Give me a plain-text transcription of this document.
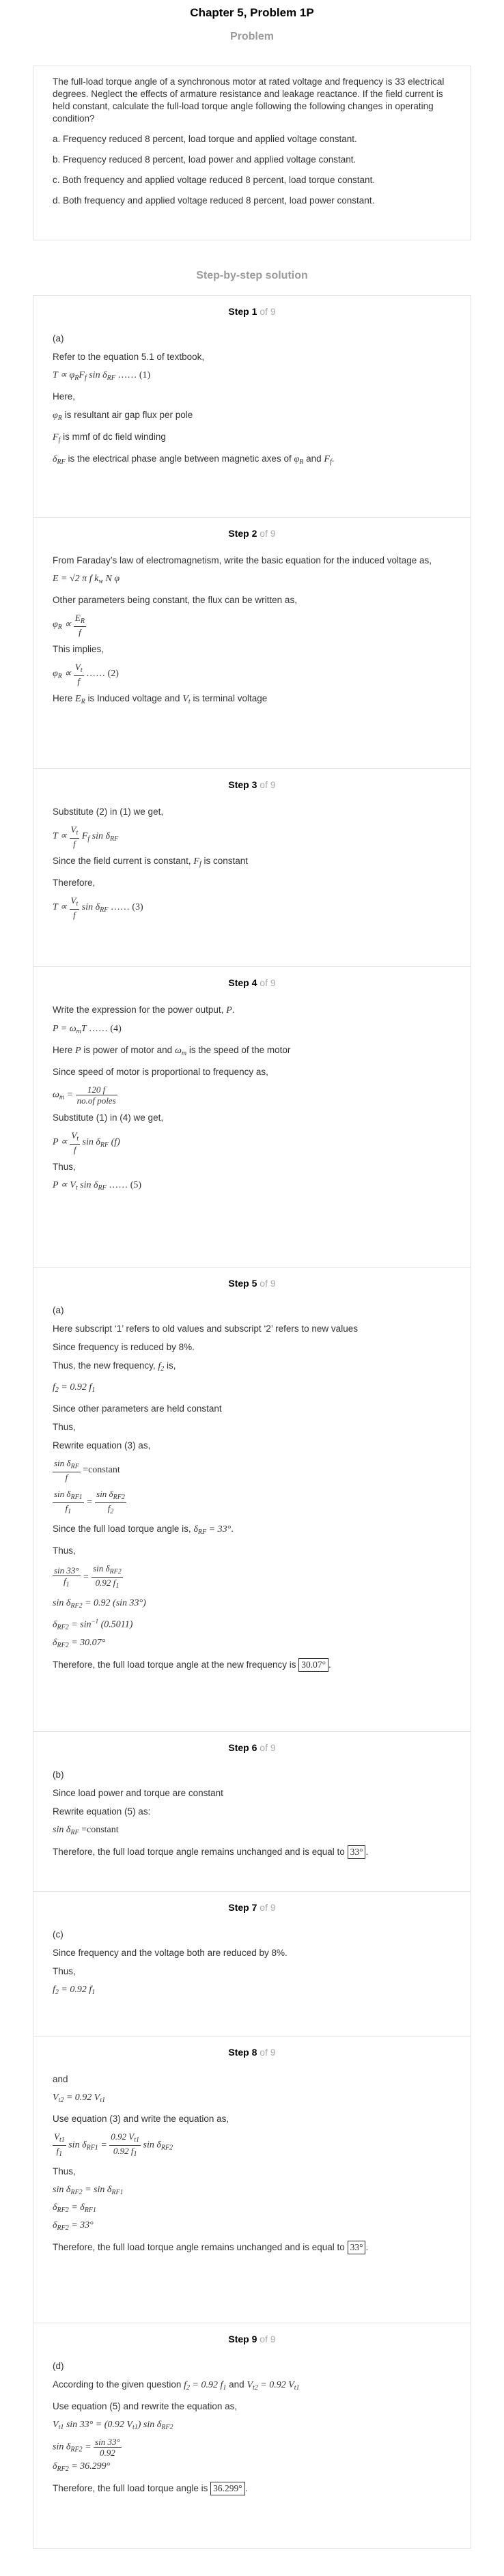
Chapter 5, Problem 1P
Problem

The full-load torque angle of a synchronous motor at rated voltage and frequency is 33 electrical degrees. Neglect the effects of armature resistance and leakage reactance. If the field current is held constant, calculate the full-load torque angle following the following changes in operating condition?

a. Frequency reduced 8 percent, load torque and applied voltage constant.

b. Frequency reduced 8 percent, load power and applied voltage constant.

c. Both frequency and applied voltage reduced 8 percent, load torque constant.

d. Both frequency and applied voltage reduced 8 percent, load power constant.

Step-by-step solution
Step 1 of 9
(a)
Refer to the equation 5.1 of textbook,
$T \propto \varphi_RF_f$ $\sin \delta_{RF}$ …… (1)
Here,
$\varphi_R$ is resultant air gap flux per pole
$F_f$ is mmf of dc field winding
$\delta_{RF}$ is the electrical phase angle between magnetic axes of $\varphi_R$ and $F_f$.
Step 2 of 9
From Faraday’s law of electromagnetism, write the basic equation for the induced voltage as,
E = √2 π f $k_w$ N φ
Other parameters being constant, the flux can be written as,
$\varphi_R \propto \frac{E_R}{f}$
This implies,
$\varphi_R \propto \frac{V_t}{f}$ …… (2)
Here $E_R$ is Induced voltage and $V_t$ is terminal voltage
Step 3 of 9
Substitute (2) in (1) we get,
$T \propto \frac{V_t}{f} F_f$ $\sin \delta_{RF}$
Since the field current is constant, $F_f$ is constant
Therefore,
$T \propto \frac{V_t}{f}$ $\sin \delta_{RF}$ …… (3)
Step 4 of 9
Write the expression for the power output, P.
$P = \omega_mT$ …… (4)
Here P is power of motor and $\omega_m$ is the speed of the motor
Since speed of motor is proportional to frequency as,
$\omega_m = \frac{120 f}{\text{no.of poles}}$
Substitute (1) in (4) we get,
$P \propto \frac{V_t}{f}$ $\sin \delta_{RF}$ (f)
Thus,
$P \propto V_t$ $\sin \delta_{RF}$ …… (5)
Step 5 of 9
(a)
Here subscript ‘1’ refers to old values and subscript ‘2’ refers to new values
Since frequency is reduced by 8%.
Thus, the new frequency, $f_2$ is,
$f_2 = 0.92$ $f_1$
Since other parameters are held constant
Thus,
Rewrite equation (3) as,
$\frac{\sin \delta_{RF}}{f}$ =constant
$\frac{\sin \delta_{RF1}}{f_1} = \frac{\sin \delta_{RF2}}{f_2}$
Since the full load torque angle is, $\delta_{RF} = 33^\circ$.
Thus,
$\frac{\sin 33^\circ}{f_1} = \frac{\sin \delta_{RF2}}{0.92 f_1}$
$\sin \delta_{RF2} = 0.92$ (sin 33°)
$\delta_{RF2} = \sin^{-1} (0.5011)$
$\delta_{RF2} = 30.07^\circ$
Therefore, the full load torque angle at the new frequency is 30.07° .
Step 6 of 9
(b)
Since load power and torque are constant
Rewrite equation (5) as:
$\sin \delta_{RF}$ =constant
Therefore, the full load torque angle remains unchanged and is equal to 33° .
Step 7 of 9
(c)
Since frequency and the voltage both are reduced by 8%.
Thus,
$f_2 = 0.92$ $f_1$
Step 8 of 9
and
$V_{t2} = 0.92$ $V_{t1}$
Use equation (3) and write the equation as,
$\frac{V_{t1}}{f_1}$ $\sin \delta_{RF1} = \frac{0.92 V_{t1}}{0.92 f_1}$ $\sin \delta_{RF2}$
Thus,
$\sin \delta_{RF2} = \sin \delta_{RF1}$
$\delta_{RF2} = \delta_{RF1}$
$\delta_{RF2} = 33^\circ$
Therefore, the full load torque angle remains unchanged and is equal to 33° .
Step 9 of 9
(d)
According to the given question $f_2 = 0.92$ $f_1$ and $V_{t2} = 0.92$ $V_{t1}$
Use equation (5) and rewrite the equation as,
$V_{t1}$ sin 33° = (0.92 $V_{t1}$) $\sin \delta_{RF2}$
$\sin \delta_{RF2} = \frac{\sin 33^\circ}{0.92}$
$\delta_{RF2} = 36.299^\circ$
Therefore, the full load torque angle is 36.299° .
